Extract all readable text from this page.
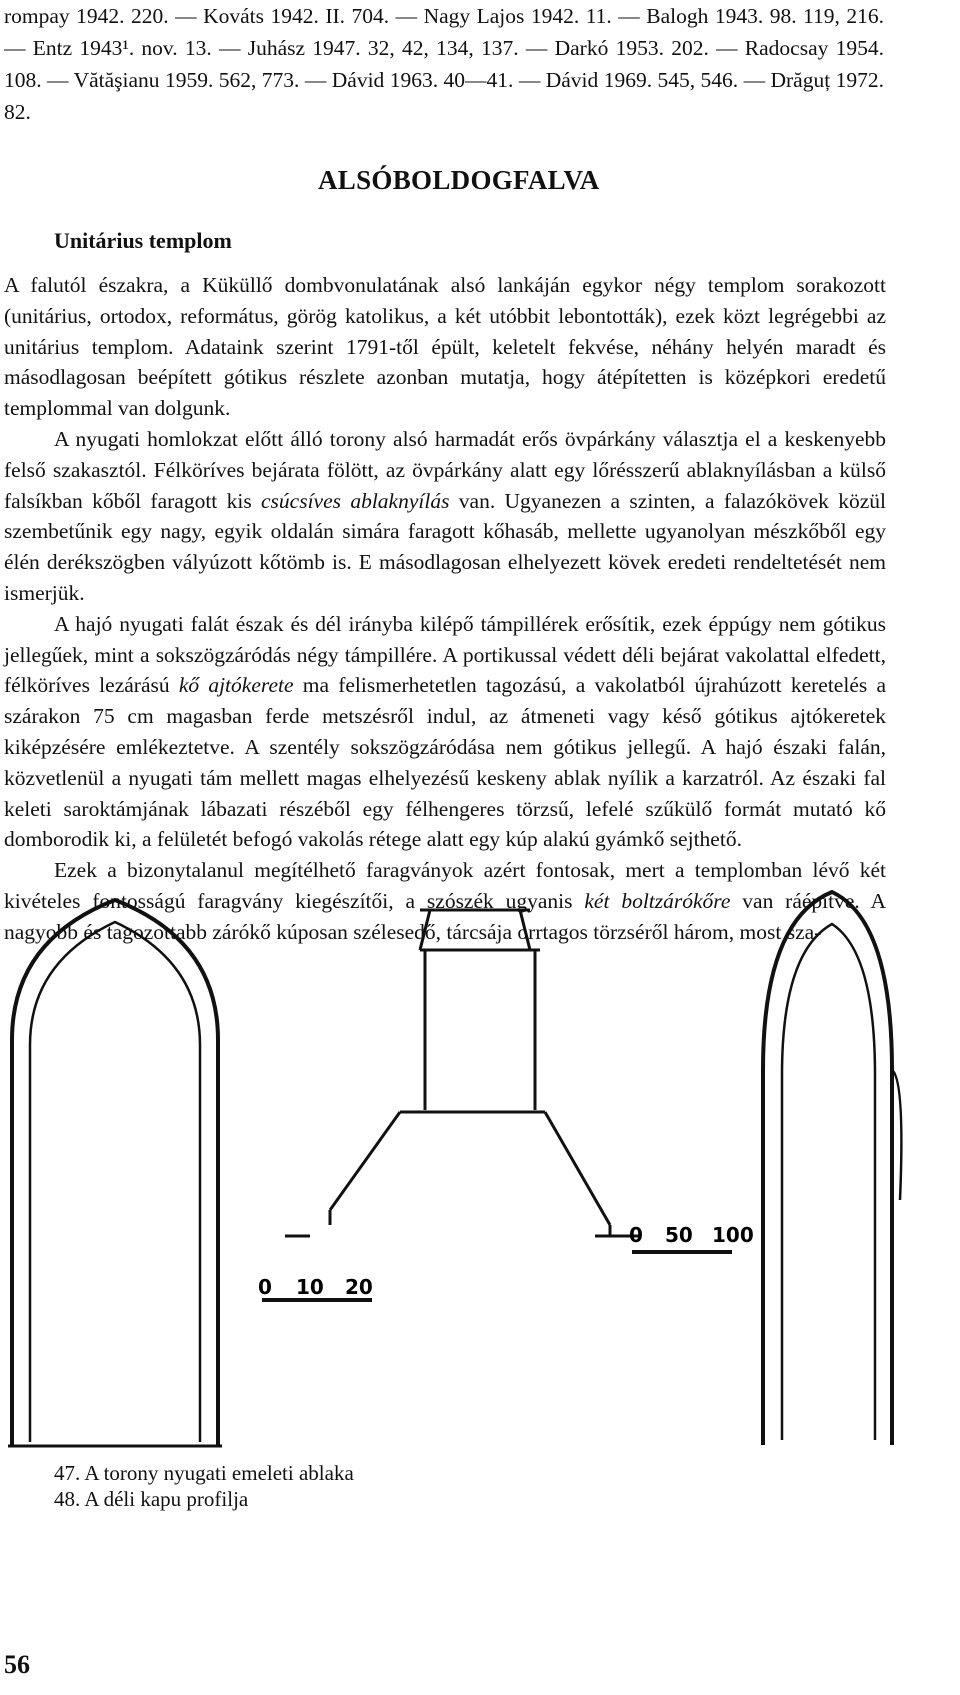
rompay 1942. 220. — Kováts 1942. II. 704. — Nagy Lajos 1942. 11. — Balogh 1943. 98. 119, 216. — Entz 1943¹. nov. 13. — Juhász 1947. 32, 42, 134, 137. — Darkó 1953. 202. — Radocsay 1954. 108. — Vătăşianu 1959. 562, 773. — Dávid 1963. 40—41. — Dávid 1969. 545, 546. — Drăguț 1972. 82.
ALSÓBOLDOGFALVA
Unitárius templom

A falutól északra, a Küküllő dombvonulatának alsó lankáján egykor négy templom sorakozott (unitárius, ortodox, református, görög katolikus, a két utóbbit lebontották), ezek közt legrégebbi az unitárius templom. Adataink szerint 1791-től épült, keletelt fekvése, néhány helyén maradt és másodlagosan beépített gótikus részlete azonban mutatja, hogy átépítetten is középkori eredetű templommal van dolgunk.

A nyugati homlokzat előtt álló torony alsó harmadát erős övpárkány választja el a keskenyebb felső szakasztól. Félköríves bejárata fölött, az övpárkány alatt egy lőrésszerű ablaknyílásban a külső falsíkban kőből faragott kis csúcsíves ablaknyílás van. Ugyanezen a szinten, a falazókövek közül szembetűnik egy nagy, egyik oldalán simára faragott kőhasáb, mellette ugyanolyan mészkőből egy élén derékszögben vályúzott kőtömb is. E másodlagosan elhelyezett kövek eredeti rendeltetését nem ismerjük.

A hajó nyugati falát észak és dél irányba kilépő támpillérek erősítik, ezek éppúgy nem gótikus jellegűek, mint a sokszögzáródás négy támpillére. A portikussal védett déli bejárat vakolattal elfedett, félköríves lezárású kő ajtókerete ma felismerhetetlen tagozású, a vakolatból újrahúzott keretelés a szárakon 75 cm magasban ferde metszésről indul, az átmeneti vagy késő gótikus ajtókeretek kiképzésére emlékeztetve. A szentély sokszögzáródása nem gótikus jellegű. A hajó északi falán, közvetlenül a nyugati tám mellett magas elhelyezésű keskeny ablak nyílik a karzatról. Az északi fal keleti saroktámjának lábazati részéből egy félhengeres törzsű, lefelé szűkülő formát mutató kő domborodik ki, a felületét befogó vakolás rétege alatt egy kúp alakú gyámkő sejthető.

Ezek a bizonytalanul megítélhető faragványok azért fontosak, mert a templomban lévő két kivételes fontosságú faragvány kiegészítői, a szószék ugyanis két boltzárókőre van ráépítve. A nagyobb és tagozottabb zárókő kúposan szélesedő, tárcsája orrtagos törzséről három, most sza-

0 10 20
0 50 100
47. A torony nyugati emeleti ablaka
48. A déli kapu profilja
56
